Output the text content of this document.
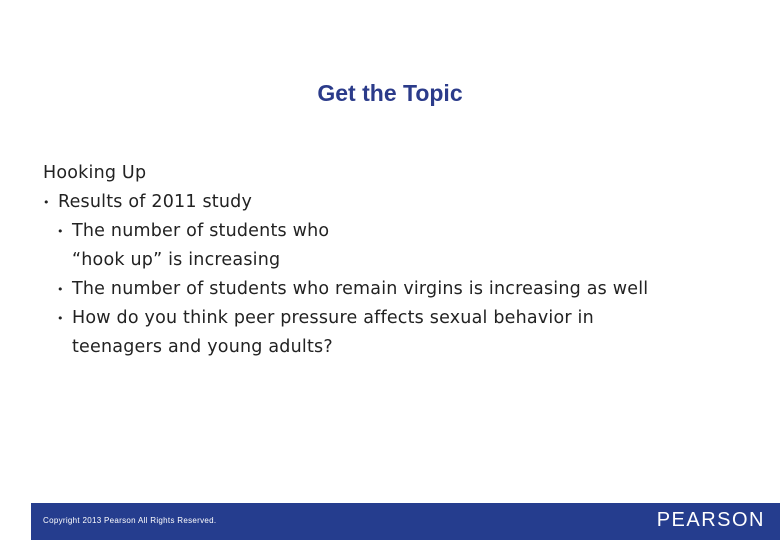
Get the Topic
Hooking Up
• Results of 2011 study
• The number of students who
“hook up” is increasing
• The number of students who remain virgins is increasing as well
• How do you think peer pressure affects sexual behavior in
teenagers and young adults?
Copyright 2013 Pearson All Rights Reserved.	PEARSON
